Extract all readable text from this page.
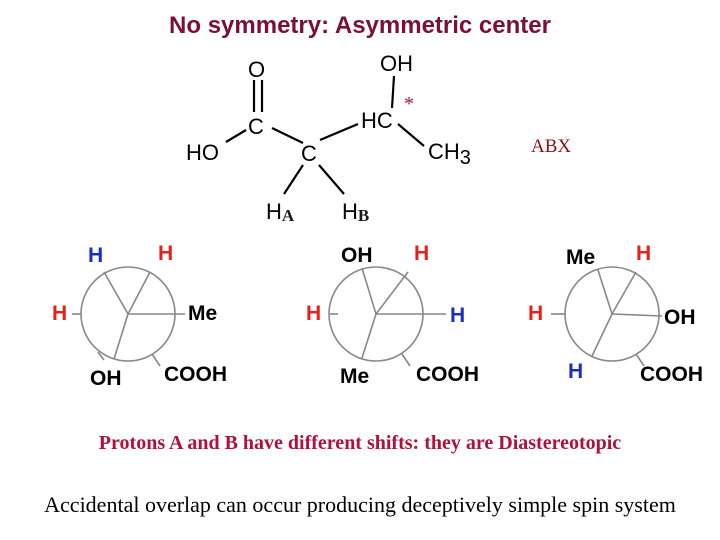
No symmetry: Asymmetric center
O	OH
C	HC
*
HO	C	CH3
ABX
HA HB
H	H
H	Me
OH COOH
OH H
H	H
Me COOH
Me H
H	OH
H	COOH
Protons A and B have different shifts: they are Diastereotopic
Accidental overlap can occur producing deceptively simple spin system
